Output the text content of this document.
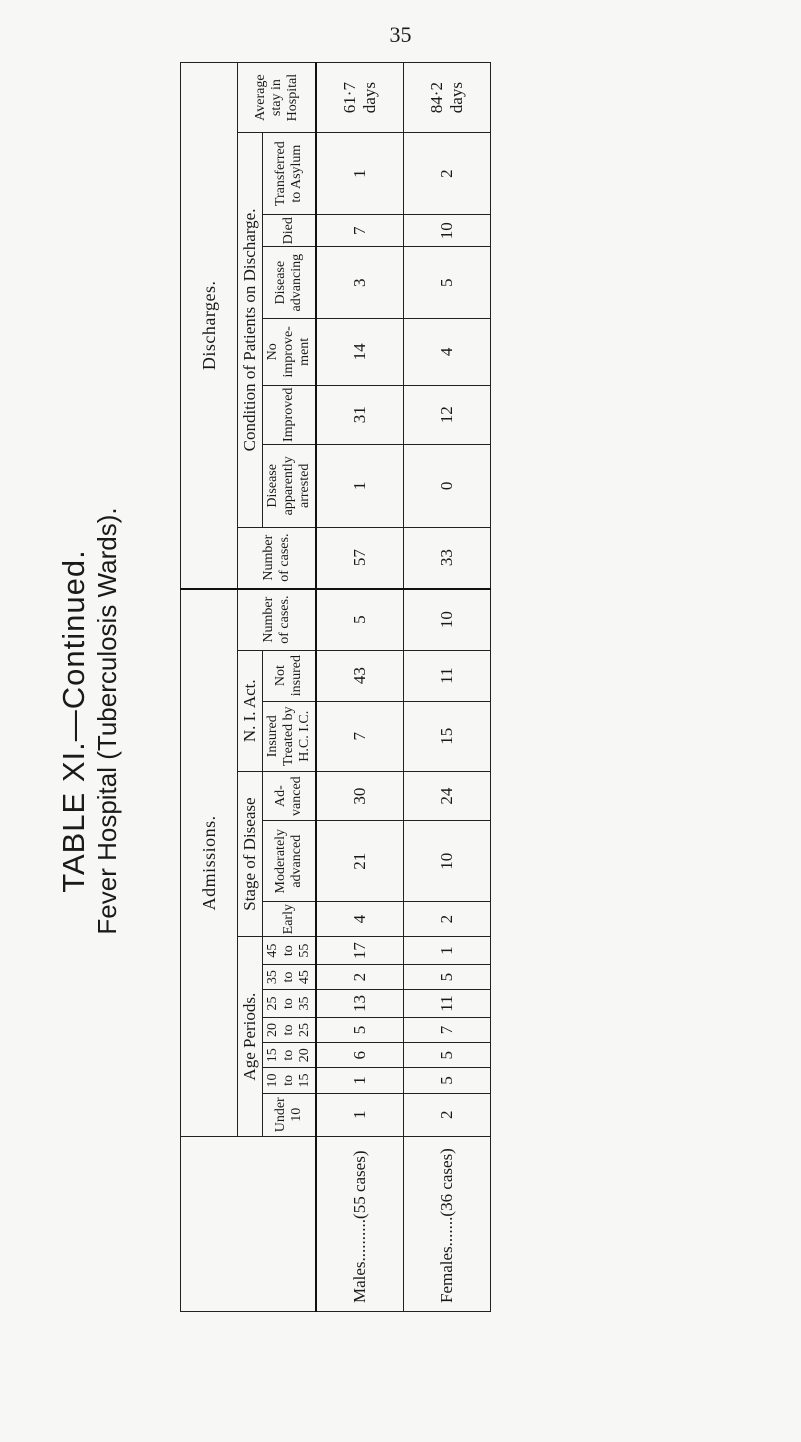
35
TABLE XI.—Continued. Fever Hospital (Tuberculosis Wards).
		Admissions.													Discharges.							
	Age Periods.							Stage of Disease			N. I. Act.		Number of cases.	Number of cases.	Condition of Patients on Discharge.						Average stay in Hospital
	Under 10	10 to 15	15 to 20	20 to 25	25 to 35	35 to 45	45 to 55	Early	Moderately advanced	Ad- vanced	Insured Treated by H.C. I.C.	Not insured			Disease apparently arrested	Improved	No improve- ment	Disease advancing	Died	Transferred to Asylum	
Males..........(55 cases)	1	1	6	5	13	2	17	4	21	30	7	43	5	57	1	31	14	3	7	1	61·7 days
Females.......(36 cases)	2	5	5	7	11	5	1	2	10	24	15	11	10	33	0	12	4	5	10	2	84·2 days
